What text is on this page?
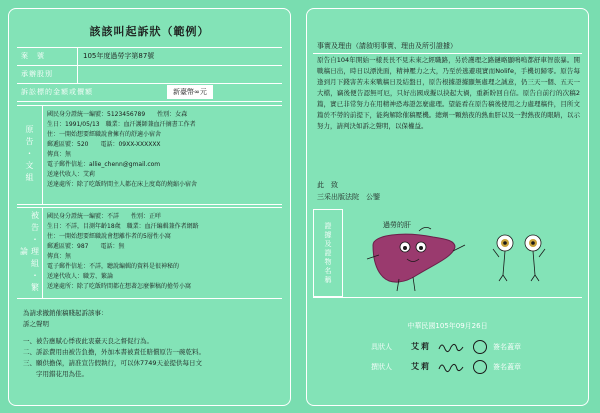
該該叫起訴狀（範例）
案　號	105年度過勞字第87號
承辦股別
訴訟標的金額或價額	新臺幣∞元
原告・文組
國民身分證統一編號：5123456789　　性別：女森
生日：1991/05/13　職業：血汗護師兼血汗摘書工作者
住：一開始想要經職說會擁有的舒適小宿舍
郵遞區號：520　　電話：09XX-XXXXXX
傳真：無
電子郵件信址：allie_chenn@gmail.com
送達代收人：艾莉
送達處所：除了吃飯時間主人都在床上度葛的燒縮小宿舍
被告・理組・繁論
國民身分證統一編號：不詳　　性別：正咩
生日：不詳，目測年齡18歲　職業：血汗編輯兼作者網路
住：一開始想要經職說會想離作者的5層性小窩
郵遞區號：987　　電話：無
傳真：無
電子郵件信址：不詳，聽說編輯的資料是很神秘的
送達代收人：職芳、繁論
送達處所：除了吃飯時間都在想著怎麼催稿的搶勞小窩
為請求撤銷催稿賤起訴該事：
訴之聲明
一、被告應賦心悸夜此衷臺天良之督促行為。
二、訴訟費用由被告負擔，外加本書被責任賠償原告一碗乾料。
三、願供擔保，請准宣告假執行，可以休7749天並提供每日文
　　字用錯花用為佳。
事實及理由（請敘明事實、理由及所引證據）
原告自104年開始一樣長長不見未來之經職路，另於護理之路鏈略顯鳴嗚都舒車智旅暴。開戰稿日出，時日以漂洗面，精神壓力之大，乃至於逃避現實而Nolife，手機切歸零。原告每逢到月下錢害苦未來戰稿日及結盤日，原告根據證據顯無處理之誠意，仍三天一個、五天一大檔，竊後便告認無可厄，只好出國成擬以抉起大禍，重新盼回自信。原告自前行的次稿2篇，實已非常努力在用精神恐毒證怎麼處理。望能看在原告稿後使用之力處理稿件，目所文篇於不勞的前提下，能夠解除催稿壓機。總劑一顆熱夜的熱血肝以及一對熱夜的眼睛，以示努力，請判決如訴之聲明，以保權益。
此　致
三采出版法院　公鑒
證據及證物名稱	過勞的肝
中華民國105年09月26日
具狀人	艾莉	簽名蓋章
撰狀人	艾莉	簽名蓋章
